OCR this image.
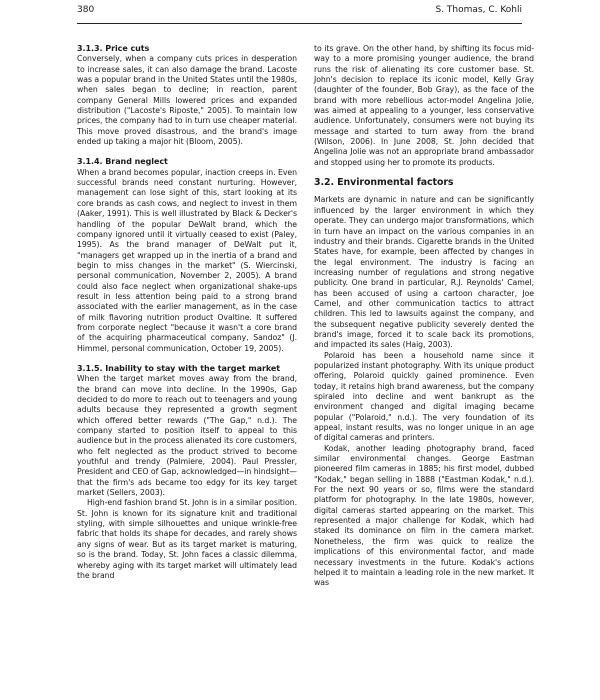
380	S. Thomas, C. Kohli

3.1.3. Price cuts

Conversely, when a company cuts prices in desperation to increase sales, it can also damage the brand. Lacoste was a popular brand in the United States until the 1980s, when sales began to decline; in reaction, parent company General Mills lowered prices and expanded distribution ("Lacoste's Riposte," 2005). To maintain low prices, the company had to in turn use cheaper material. This move proved disastrous, and the brand's image ended up taking a major hit (Bloom, 2005).

3.1.4. Brand neglect

When a brand becomes popular, inaction creeps in. Even successful brands need constant nurturing. However, management can lose sight of this, start looking at its core brands as cash cows, and neglect to invest in them (Aaker, 1991). This is well illustrated by Black & Decker's handling of the popular DeWalt brand, which the company ignored until it virtually ceased to exist (Paley, 1995). As the brand manager of DeWalt put it, "managers get wrapped up in the inertia of a brand and begin to miss changes in the market" (S. Wiercinski, personal communication, November 2, 2005). A brand could also face neglect when organizational shake-ups result in less attention being paid to a strong brand associated with the earlier management, as in the case of milk flavoring nutrition product Ovaltine. It suffered from corporate neglect "because it wasn't a core brand of the acquiring pharmaceutical company, Sandoz" (J. Himmel, personal communication, October 19, 2005).

3.1.5. Inability to stay with the target market

When the target market moves away from the brand, the brand can move into decline. In the 1990s, Gap decided to do more to reach out to teenagers and young adults because they represented a growth segment which offered better rewards ("The Gap," n.d.). The company started to position itself to appeal to this audience but in the process alienated its core customers, who felt neglected as the product strived to become youthful and trendy (Palmiere, 2004). Paul Pressler, President and CEO of Gap, acknowledged—in hindsight—that the firm's ads became too edgy for its key target market (Sellers, 2003).

High-end fashion brand St. John is in a similar position. St. John is known for its signature knit and traditional styling, with simple silhouettes and unique wrinkle-free fabric that holds its shape for decades, and rarely shows any signs of wear. But as its target market is maturing, so is the brand. Today, St. John faces a classic dilemma, whereby aging with its target market will ultimately lead the brand

to its grave. On the other hand, by shifting its focus mid-way to a more promising younger audience, the brand runs the risk of alienating its core customer base. St. John's decision to replace its iconic model, Kelly Gray (daughter of the founder, Bob Gray), as the face of the brand with more rebellious actor-model Angelina Jolie, was aimed at appealing to a younger, less conservative audience. Unfortunately, consumers were not buying its message and started to turn away from the brand (Wilson, 2006). In June 2008, St. John decided that Angelina Jolie was not an appropriate brand ambassador and stopped using her to promote its products.

3.2. Environmental factors

Markets are dynamic in nature and can be significantly influenced by the larger environment in which they operate. They can undergo major transformations, which in turn have an impact on the various companies in an industry and their brands. Cigarette brands in the United States have, for example, been affected by changes in the legal environment. The industry is facing an increasing number of regulations and strong negative publicity. One brand in particular, R.J. Reynolds' Camel, has been accused of using a cartoon character, Joe Camel, and other communication tactics to attract children. This led to lawsuits against the company, and the subsequent negative publicity severely dented the brand's image, forced it to scale back its promotions, and impacted its sales (Haig, 2003).

Polaroid has been a household name since it popularized instant photography. With its unique product offering, Polaroid quickly gained prominence. Even today, it retains high brand awareness, but the company spiraled into decline and went bankrupt as the environment changed and digital imaging became popular ("Polaroid," n.d.). The very foundation of its appeal, instant results, was no longer unique in an age of digital cameras and printers.

Kodak, another leading photography brand, faced similar environmental changes. George Eastman pioneered film cameras in 1885; his first model, dubbed "Kodak," began selling in 1888 ("Eastman Kodak," n.d.). For the next 90 years or so, films were the standard platform for photography. In the late 1980s, however, digital cameras started appearing on the market. This represented a major challenge for Kodak, which had staked its dominance on film in the camera market. Nonetheless, the firm was quick to realize the implications of this environmental factor, and made necessary investments in the future. Kodak's actions helped it to maintain a leading role in the new market. It was
